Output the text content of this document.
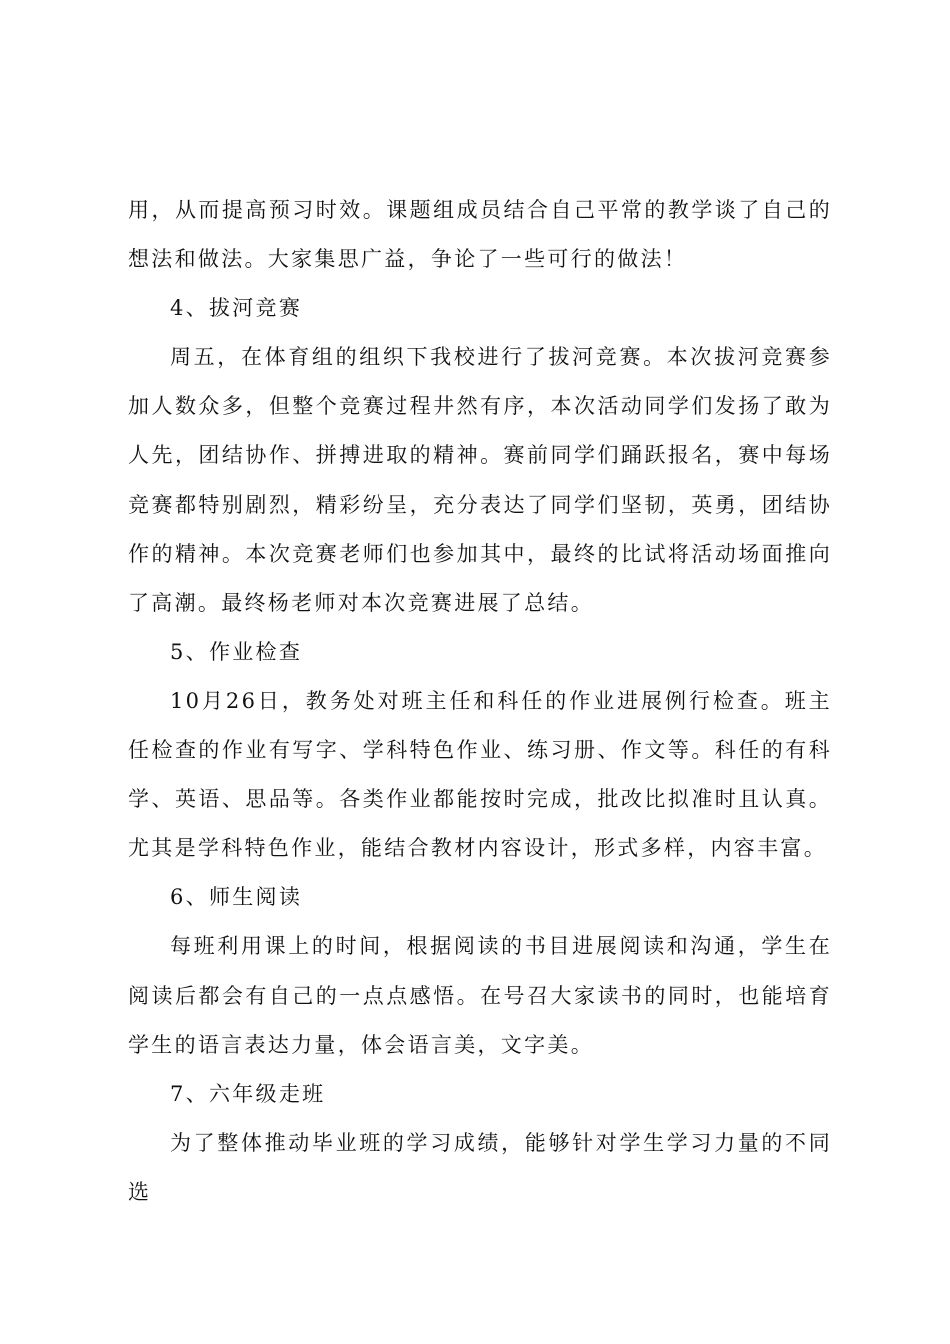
用，从而提高预习时效。课题组成员结合自己平常的教学谈了自己的想法和做法。大家集思广益，争论了一些可行的做法！

4、拔河竞赛

周五，在体育组的组织下我校进行了拔河竞赛。本次拔河竞赛参加人数众多，但整个竞赛过程井然有序，本次活动同学们发扬了敢为人先，团结协作、拼搏进取的精神。赛前同学们踊跃报名，赛中每场竞赛都特别剧烈，精彩纷呈，充分表达了同学们坚韧，英勇，团结协作的精神。本次竞赛老师们也参加其中，最终的比试将活动场面推向了高潮。最终杨老师对本次竞赛进展了总结。

5、作业检查

10月26日，教务处对班主任和科任的作业进展例行检查。班主任检查的作业有写字、学科特色作业、练习册、作文等。科任的有科学、英语、思品等。各类作业都能按时完成，批改比拟准时且认真。尤其是学科特色作业，能结合教材内容设计，形式多样，内容丰富。

6、师生阅读

每班利用课上的时间，根据阅读的书目进展阅读和沟通，学生在阅读后都会有自己的一点点感悟。在号召大家读书的同时，也能培育学生的语言表达力量，体会语言美，文字美。

7、六年级走班

为了整体推动毕业班的学习成绩，能够针对学生学习力量的不同选
